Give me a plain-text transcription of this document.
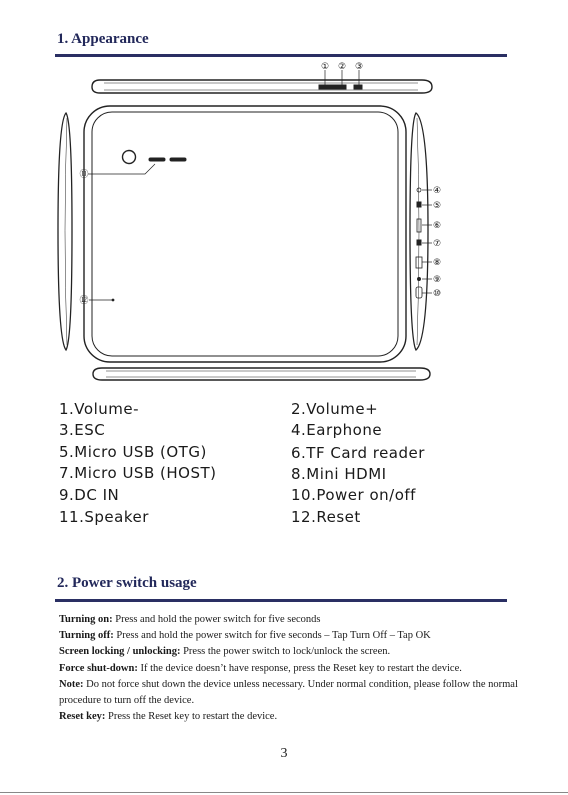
1. Appearance
① ② ③
④
⑤
⑥
⑦
⑧
⑨
⑩
⑪
⑫

1.Volume-	2.Volume+

3.ESC	4.Earphone

5.Micro USB (OTG)	6.TF Card reader

7.Micro USB (HOST)	8.Mini HDMI

9.DC IN	10.Power on/off

11.Speaker	12.Reset

2. Power switch usage

Turning on: Press and hold the power switch for five seconds

Turning off: Press and hold the power switch for five seconds – Tap Turn Off – Tap OK

Screen locking / unlocking: Press the power switch to lock/unlock the screen.

Force shut-down: If the device doesn’t have response, press the Reset key to restart the device.

Note: Do not force shut down the device unless necessary. Under normal condition, please follow the normal procedure to turn off the device.

Reset key: Press the Reset key to restart the device.

3
